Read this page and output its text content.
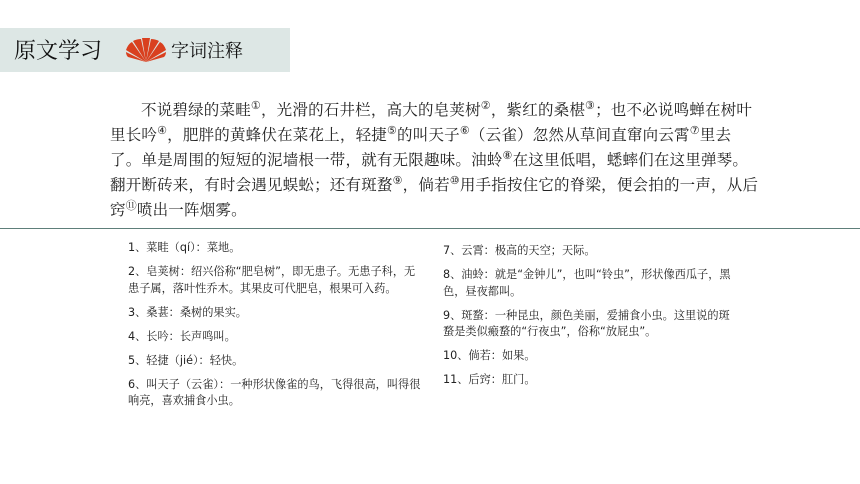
原文学习	字词注释

不说碧绿的菜畦①，光滑的石井栏，高大的皂荚树②，紫红的桑椹③；也不必说鸣蝉在树叶里长吟④，肥胖的黄蜂伏在菜花上，轻捷⑤的叫天子⑥（云雀）忽然从草间直窜向云霄⑦里去了。单是周围的短短的泥墙根一带，就有无限趣味。油蛉⑧在这里低唱，蟋蟀们在这里弹琴。翻开断砖来，有时会遇见蜈蚣；还有斑蝥⑨，倘若⑩用手指按住它的脊梁，便会拍的一声，从后窍⑪喷出一阵烟雾。

1、菜畦（qí）：菜地。

2、皂荚树：绍兴俗称“肥皂树”，即无患子。无患子科，无患子属，落叶性乔木。其果皮可代肥皂，根果可入药。

3、桑葚：桑树的果实。

4、长吟：长声鸣叫。

5、轻捷（jié）：轻快。

6、叫天子（云雀）：一种形状像雀的鸟，飞得很高，叫得很响亮，喜欢捕食小虫。

7、云霄：极高的天空；天际。

8、油蛉：就是“金钟儿”，也叫“铃虫”，形状像西瓜子，黑色，昼夜都叫。

9、斑蝥：一种昆虫，颜色美丽，爱捕食小虫。这里说的斑蝥是类似瘢蝥的“行夜虫”，俗称“放屁虫”。

10、倘若：如果。

11、后窍：肛门。
